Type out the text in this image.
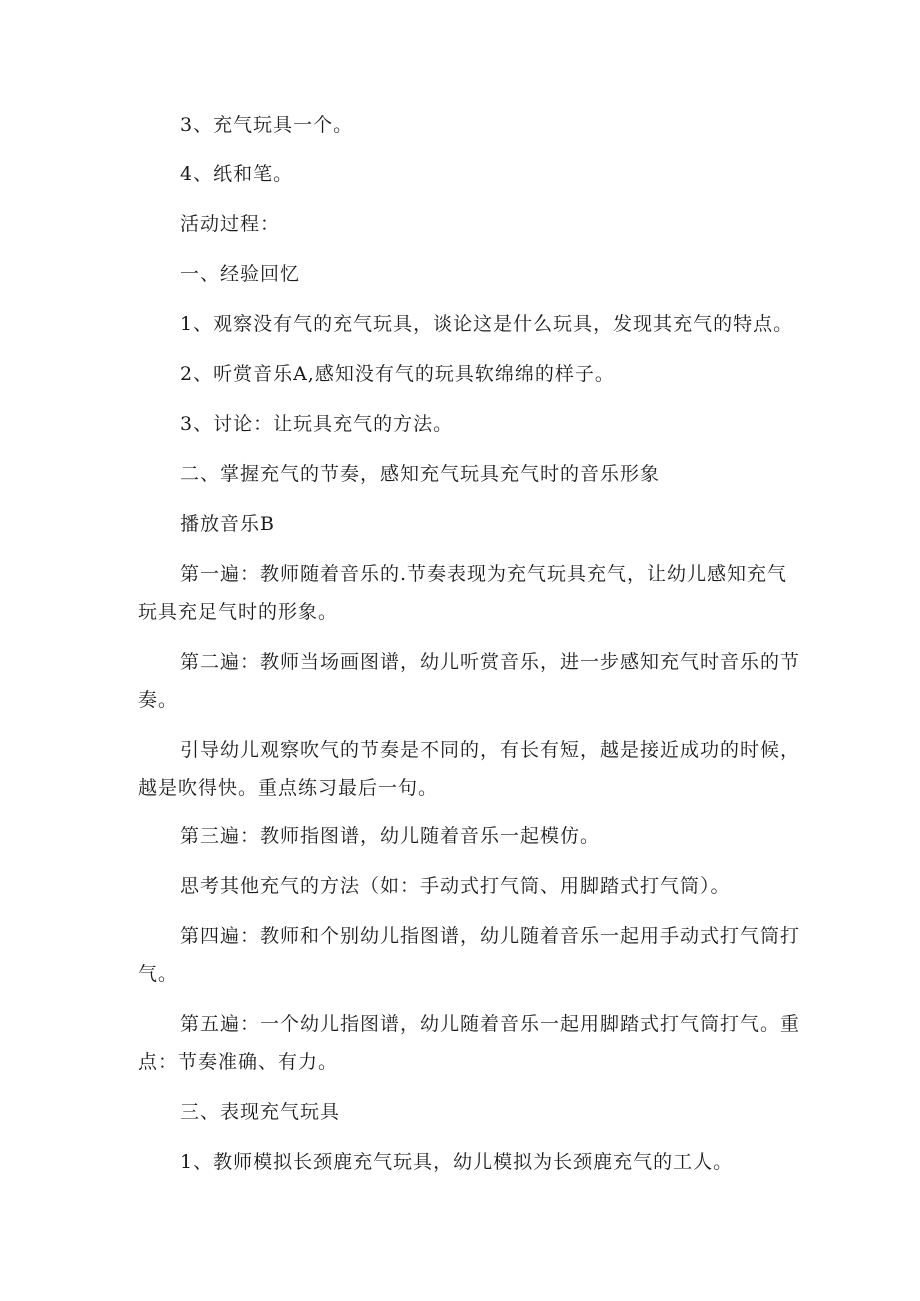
3、充气玩具一个。

4、纸和笔。

活动过程：

一、经验回忆

1、观察没有气的充气玩具，谈论这是什么玩具，发现其充气的特点。

2、听赏音乐A,感知没有气的玩具软绵绵的样子。

3、讨论：让玩具充气的方法。

二、掌握充气的节奏，感知充气玩具充气时的音乐形象

播放音乐B

第一遍：教师随着音乐的.节奏表现为充气玩具充气，让幼儿感知充气玩具充足气时的形象。

第二遍：教师当场画图谱，幼儿听赏音乐，进一步感知充气时音乐的节奏。

引导幼儿观察吹气的节奏是不同的，有长有短，越是接近成功的时候，越是吹得快。重点练习最后一句。

第三遍：教师指图谱，幼儿随着音乐一起模仿。

思考其他充气的方法（如：手动式打气筒、用脚踏式打气筒）。

第四遍：教师和个别幼儿指图谱，幼儿随着音乐一起用手动式打气筒打气。

第五遍：一个幼儿指图谱，幼儿随着音乐一起用脚踏式打气筒打气。重点：节奏准确、有力。

三、表现充气玩具

1、教师模拟长颈鹿充气玩具，幼儿模拟为长颈鹿充气的工人。
